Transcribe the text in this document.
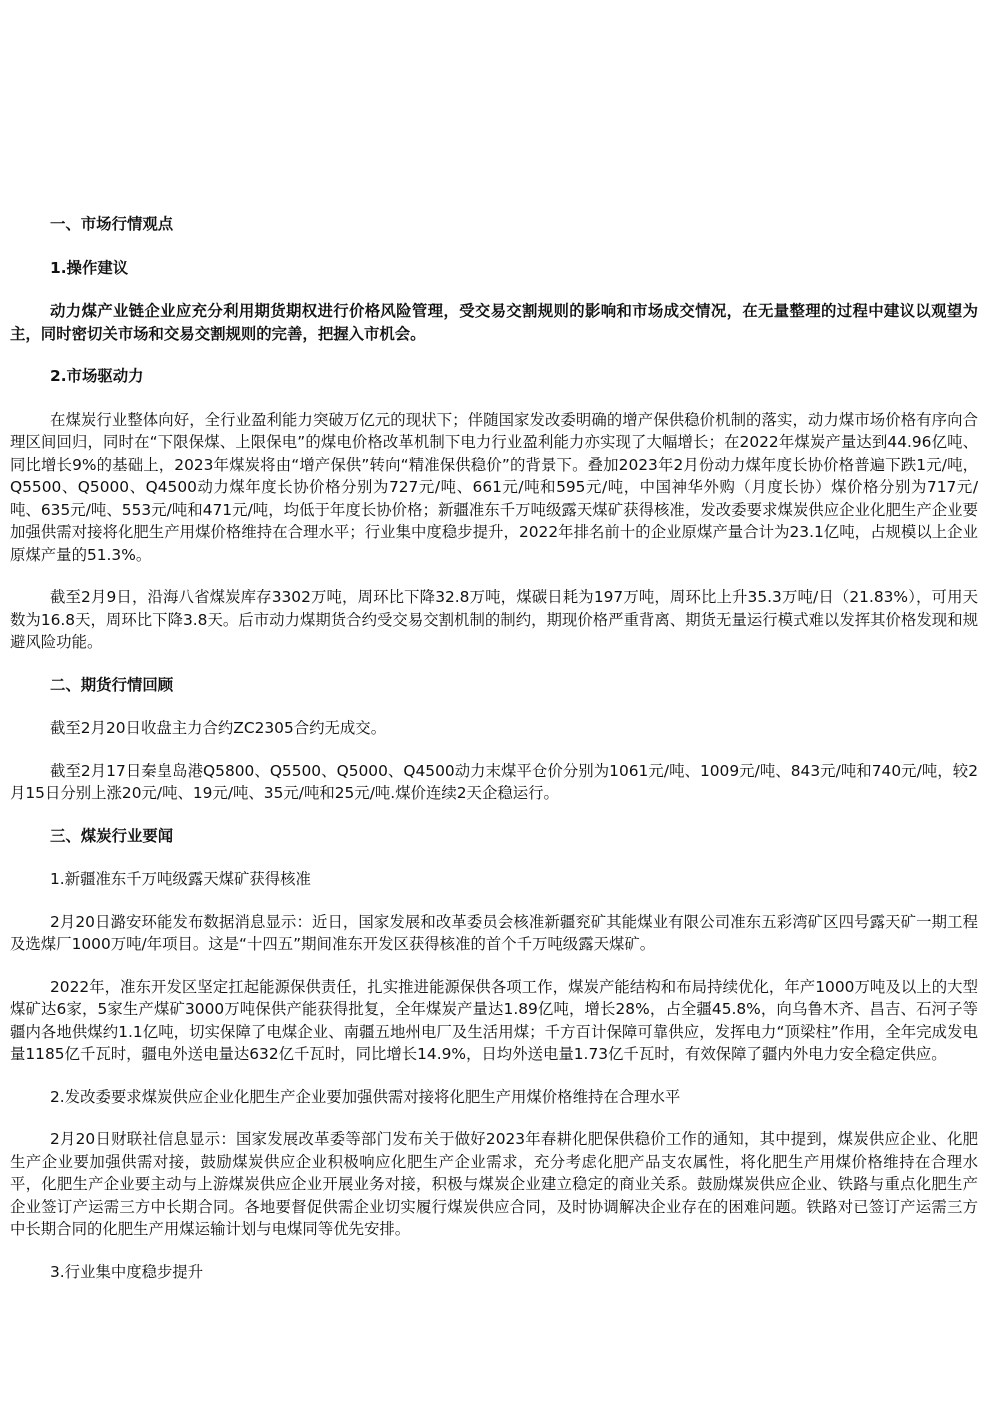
一、市场行情观点
1.操作建议
动力煤产业链企业应充分利用期货期权进行价格风险管理，受交易交割规则的影响和市场成交情况，在无量整理的过程中建议以观望为主，同时密切关市场和交易交割规则的完善，把握入市机会。
2.市场驱动力
在煤炭行业整体向好，全行业盈利能力突破万亿元的现状下；伴随国家发改委明确的增产保供稳价机制的落实，动力煤市场价格有序向合理区间回归，同时在“下限保煤、上限保电”的煤电价格改革机制下电力行业盈利能力亦实现了大幅增长；在2022年煤炭产量达到44.96亿吨、同比增长9%的基础上，2023年煤炭将由“增产保供”转向“精准保供稳价”的背景下。叠加2023年2月份动力煤年度长协价格普遍下跌1元/吨，Q5500、Q5000、Q4500动力煤年度长协价格分别为727元/吨、661元/吨和595元/吨，中国神华外购（月度长协）煤价格分别为717元/吨、635元/吨、553元/吨和471元/吨，均低于年度长协价格；新疆准东千万吨级露天煤矿获得核准，发改委要求煤炭供应企业化肥生产企业要加强供需对接将化肥生产用煤价格维持在合理水平；行业集中度稳步提升，2022年排名前十的企业原煤产量合计为23.1亿吨，占规模以上企业原煤产量的51.3%。
截至2月9日，沿海八省煤炭库存3302万吨，周环比下降32.8万吨，煤碳日耗为197万吨，周环比上升35.3万吨/日（21.83%），可用天数为16.8天，周环比下降3.8天。后市动力煤期货合约受交易交割机制的制约，期现价格严重背离、期货无量运行模式难以发挥其价格发现和规避风险功能。
二、期货行情回顾
截至2月20日收盘主力合约ZC2305合约无成交。
截至2月17日秦皇岛港Q5800、Q5500、Q5000、Q4500动力末煤平仓价分别为1061元/吨、1009元/吨、843元/吨和740元/吨，较2月15日分别上涨20元/吨、19元/吨、35元/吨和25元/吨.煤价连续2天企稳运行。
三、煤炭行业要闻
1.新疆准东千万吨级露天煤矿获得核准
2月20日潞安环能发布数据消息显示：近日，国家发展和改革委员会核准新疆兖矿其能煤业有限公司准东五彩湾矿区四号露天矿一期工程及选煤厂1000万吨/年项目。这是“十四五”期间准东开发区获得核准的首个千万吨级露天煤矿。
2022年，准东开发区坚定扛起能源保供责任，扎实推进能源保供各项工作，煤炭产能结构和布局持续优化，年产1000万吨及以上的大型煤矿达6家，5家生产煤矿3000万吨保供产能获得批复，全年煤炭产量达1.89亿吨，增长28%，占全疆45.8%，向乌鲁木齐、昌吉、石河子等疆内各地供煤约1.1亿吨，切实保障了电煤企业、南疆五地州电厂及生活用煤；千方百计保障可靠供应，发挥电力“顶梁柱”作用，全年完成发电量1185亿千瓦时，疆电外送电量达632亿千瓦时，同比增长14.9%，日均外送电量1.73亿千瓦时，有效保障了疆内外电力安全稳定供应。
2.发改委要求煤炭供应企业化肥生产企业要加强供需对接将化肥生产用煤价格维持在合理水平
2月20日财联社信息显示：国家发展改革委等部门发布关于做好2023年春耕化肥保供稳价工作的通知，其中提到，煤炭供应企业、化肥生产企业要加强供需对接，鼓励煤炭供应企业积极响应化肥生产企业需求，充分考虑化肥产品支农属性，将化肥生产用煤价格维持在合理水平，化肥生产企业要主动与上游煤炭供应企业开展业务对接，积极与煤炭企业建立稳定的商业关系。鼓励煤炭供应企业、铁路与重点化肥生产企业签订产运需三方中长期合同。各地要督促供需企业切实履行煤炭供应合同，及时协调解决企业存在的困难问题。铁路对已签订产运需三方中长期合同的化肥生产用煤运输计划与电煤同等优先安排。
3.行业集中度稳步提升
